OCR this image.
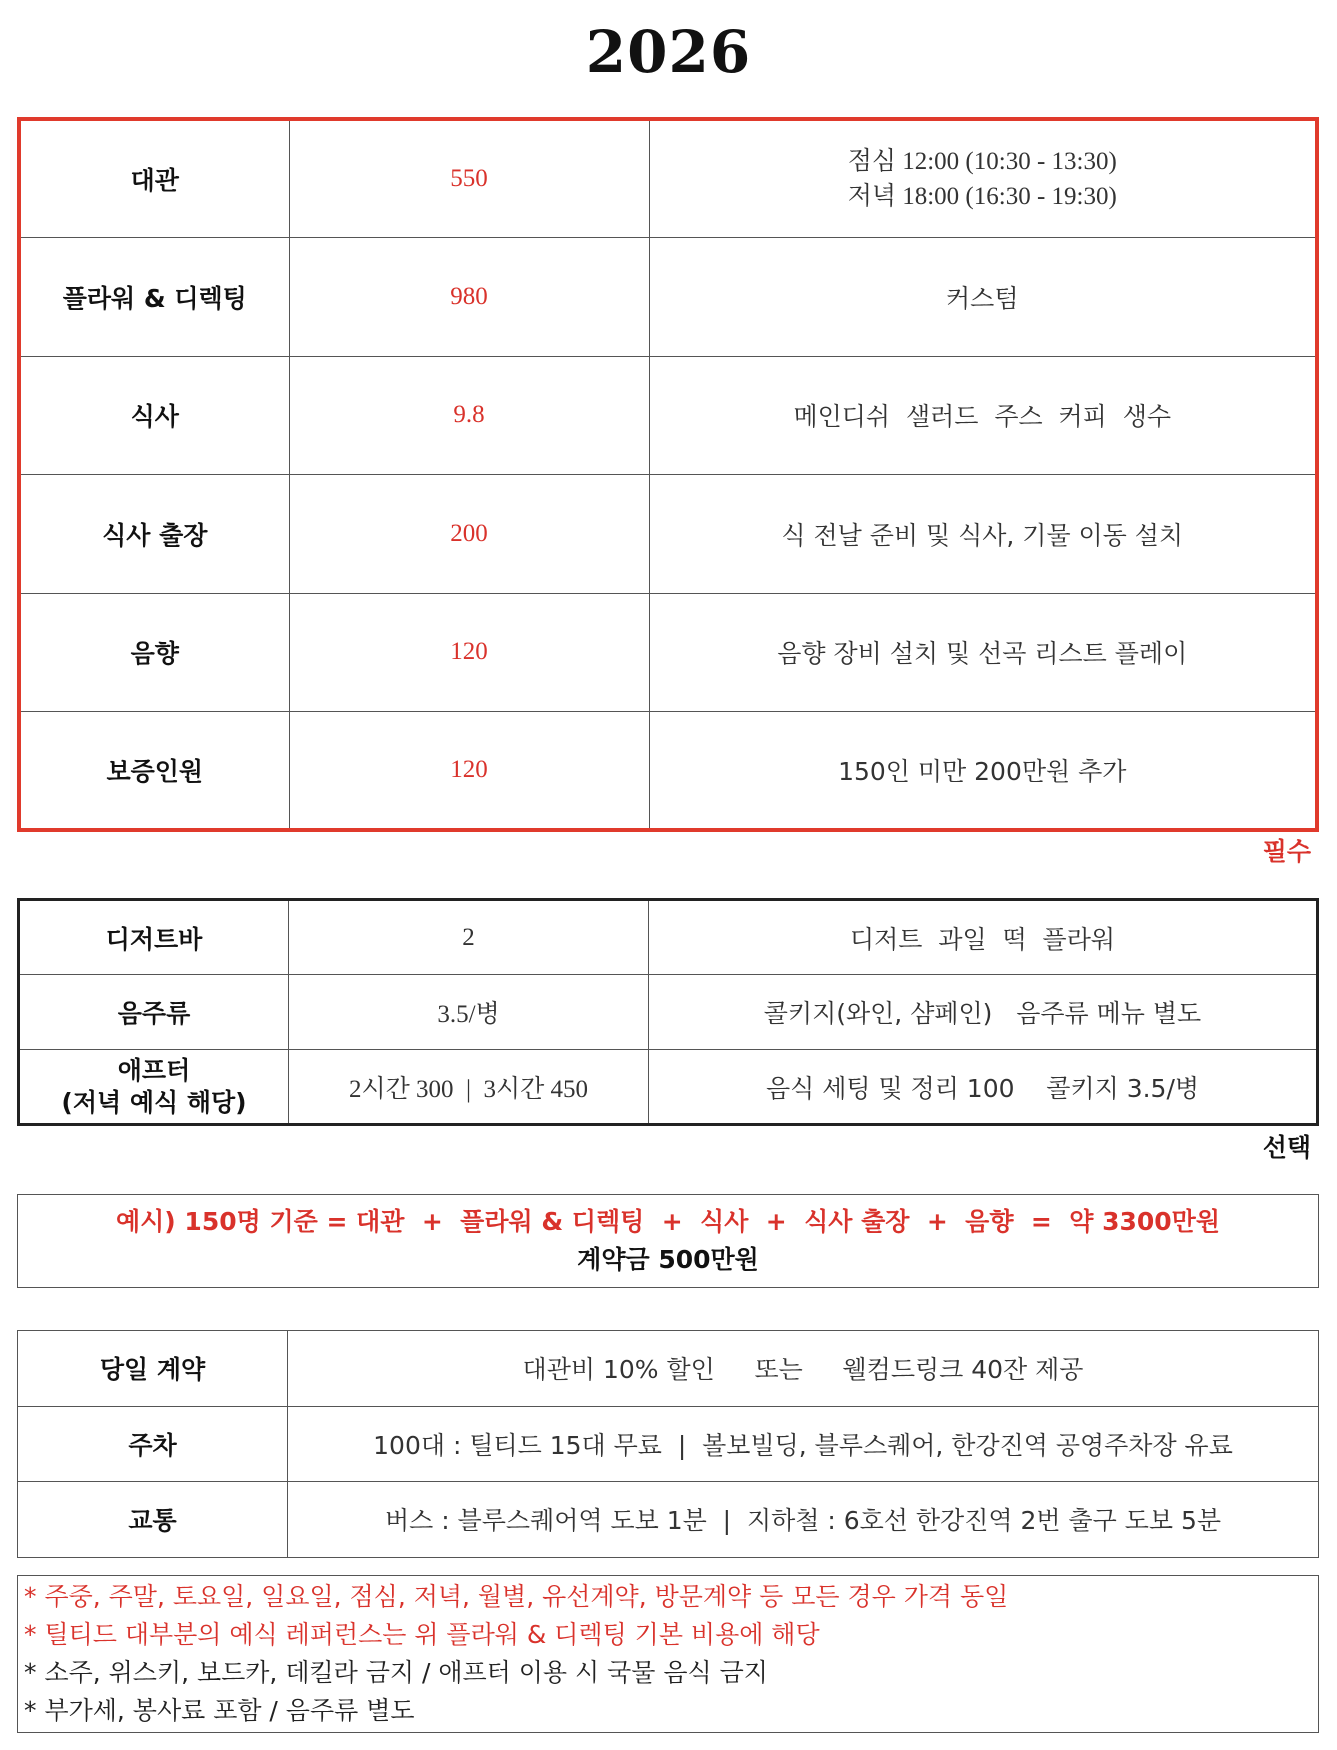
2026
대관	550	점심 12:00 (10:30 - 13:30)
저녁 18:00 (16:30 - 19:30)

플라워 & 디렉팅	980	커스텀
식사	9.8	메인디쉬  샐러드  주스  커피  생수
식사 출장	200	식 전날 준비 및 식사, 기물 이동 설치
음향	120	음향 장비 설치 및 선곡 리스트 플레이
보증인원	120	150인 미만 200만원 추가
필수
디저트바	2	디저트  과일  떡  플라워
음주류	3.5/병	콜키지(와인, 샴페인)   음주류 메뉴 별도

애프터
(저녁 예식 해당)	2시간 300  |  3시간 450	음식 세팅 및 정리 100    콜키지 3.5/병
선택
예시) 150명 기준 = 대관  +  플라워 & 디렉팅  +  식사  +  식사 출장  +  음향  =  약 3300만원
계약금 500만원
당일 계약	대관비 10% 할인     또는     웰컴드링크 40잔 제공
주차	100대 : 틸티드 15대 무료  |  볼보빌딩, 블루스퀘어, 한강진역 공영주차장 유료
교통	버스 : 블루스퀘어역 도보 1분  |  지하철 : 6호선 한강진역 2번 출구 도보 5분
* 주중, 주말, 토요일, 일요일, 점심, 저녁, 월별, 유선계약, 방문계약 등 모든 경우 가격 동일
* 틸티드 대부분의 예식 레퍼런스는 위 플라워 & 디렉팅 기본 비용에 해당
* 소주, 위스키, 보드카, 데킬라 금지 / 애프터 이용 시 국물 음식 금지
* 부가세, 봉사료 포함 / 음주류 별도
